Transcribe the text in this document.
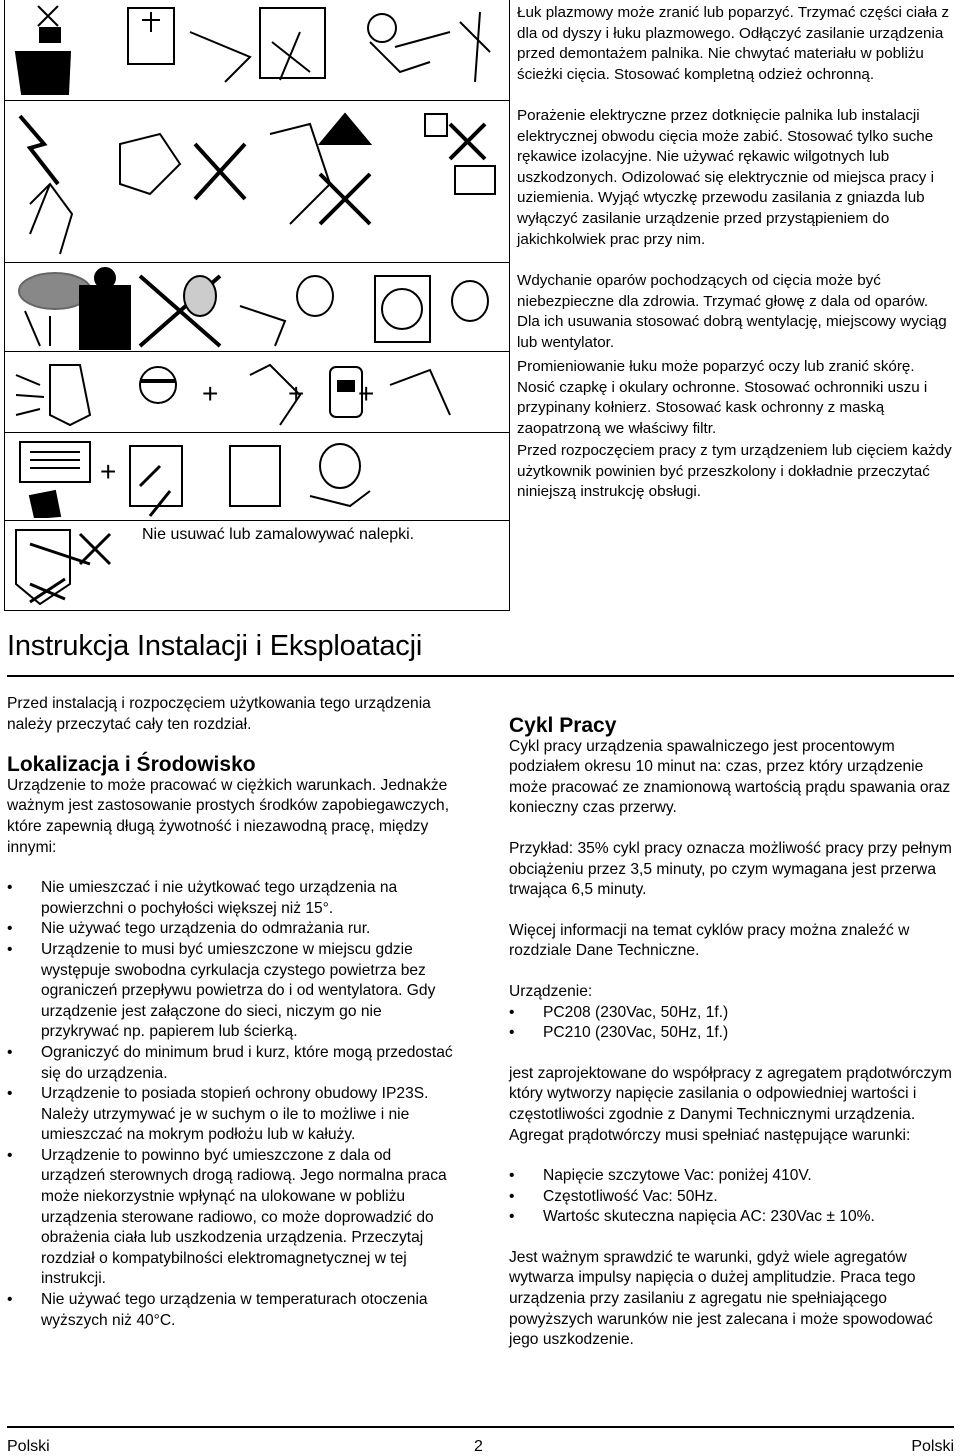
+ + +
+

Łuk plazmowy może zranić lub poparzyć. Trzymać części ciała z dla od dyszy i łuku plazmowego. Odłączyć zasilanie urządzenia przed demontażem palnika. Nie chwytać materiału w pobliżu ścieżki cięcia. Stosować kompletną odzież ochronną.

Porażenie elektryczne przez dotknięcie palnika lub instalacji elektrycznej obwodu cięcia może zabić. Stosować tylko suche rękawice izolacyjne. Nie używać rękawic wilgotnych lub uszkodzonych. Odizolować się elektrycznie od miejsca pracy i uziemienia. Wyjąć wtyczkę przewodu zasilania z gniazda lub wyłączyć zasilanie urządzenie przed przystąpieniem do jakichkolwiek prac przy nim.

Wdychanie oparów pochodzących od cięcia może być niebezpieczne dla zdrowia. Trzymać głowę z dala od oparów. Dla ich usuwania stosować dobrą wentylację, miejscowy wyciąg lub wentylator.

Promieniowanie łuku może poparzyć oczy lub zranić skórę. Nosić czapkę i okulary ochronne. Stosować ochronniki uszu i przypinany kołnierz. Stosować kask ochronny z maską zaopatrzoną we właściwy filtr.

Przed rozpoczęciem pracy z tym urządzeniem lub cięciem każdy użytkownik powinien być przeszkolony i dokładnie przeczytać niniejszą instrukcję obsługi.

Nie usuwać lub zamalowywać nalepki.
Instrukcja Instalacji i Eksploatacji

Przed instalacją i rozpoczęciem użytkowania tego urządzenia należy przeczytać cały ten rozdział.

Lokalizacja i Środowisko

Urządzenie to może pracować w ciężkich warunkach. Jednakże ważnym jest zastosowanie prostych środków zapobiegawczych, które zapewnią długą żywotność i niezawodną pracę, między innymi:

• Nie umieszczać i nie użytkować tego urządzenia na powierzchni o pochyłości większej niż 15°.
• Nie używać tego urządzenia do odmrażania rur.
• Urządzenie to musi być umieszczone w miejscu gdzie występuje swobodna cyrkulacja czystego powietrza bez ograniczeń przepływu powietrza do i od wentylatora. Gdy urządzenie jest załączone do sieci, niczym go nie przykrywać np. papierem lub ścierką.
• Ograniczyć do minimum brud i kurz, które mogą przedostać się do urządzenia.
• Urządzenie to posiada stopień ochrony obudowy IP23S. Należy utrzymywać je w suchym o ile to możliwe i nie umieszczać na mokrym podłożu lub w kałuży.
• Urządzenie to powinno być umieszczone z dala od urządzeń sterownych drogą radiową. Jego normalna praca może niekorzystnie wpłynąć na ulokowane w pobliżu urządzenia sterowane radiowo, co może doprowadzić do obrażenia ciała lub uszkodzenia urządzenia. Przeczytaj rozdział o kompatybilności elektromagnetycznej w tej instrukcji.
• Nie używać tego urządzenia w temperaturach otoczenia wyższych niż 40°C.
Cykl Pracy

Cykl pracy urządzenia spawalniczego jest procentowym podziałem okresu 10 minut na: czas, przez który urządzenie może pracować ze znamionową wartością prądu spawania oraz konieczny czas przerwy.

Przykład: 35% cykl pracy oznacza możliwość pracy przy pełnym obciążeniu przez 3,5 minuty, po czym wymagana jest przerwa trwająca 6,5 minuty.

Więcej informacji na temat cyklów pracy można znaleźć w rozdziale Dane Techniczne.

Urządzenie:

• PC208 (230Vac, 50Hz, 1f.)
• PC210 (230Vac, 50Hz, 1f.)

jest zaprojektowane do współpracy z agregatem prądotwórczym który wytworzy napięcie zasilania o odpowiedniej wartości i częstotliwości zgodnie z Danymi Technicznymi urządzenia. Agregat prądotwórczy musi spełniać następujące warunki:

• Napięcie szczytowe Vac: poniżej 410V.
• Częstotliwość Vac: 50Hz.
• Wartośc skuteczna napięcia AC: 230Vac ± 10%.

Jest ważnym sprawdzić te warunki, gdyż wiele agregatów wytwarza impulsy napięcia o dużej amplitudzie. Praca tego urządzenia przy zasilaniu z agregatu nie spełniającego powyższych warunków nie jest zalecana i może spowodować jego uszkodzenie.

Polski	2	Polski
